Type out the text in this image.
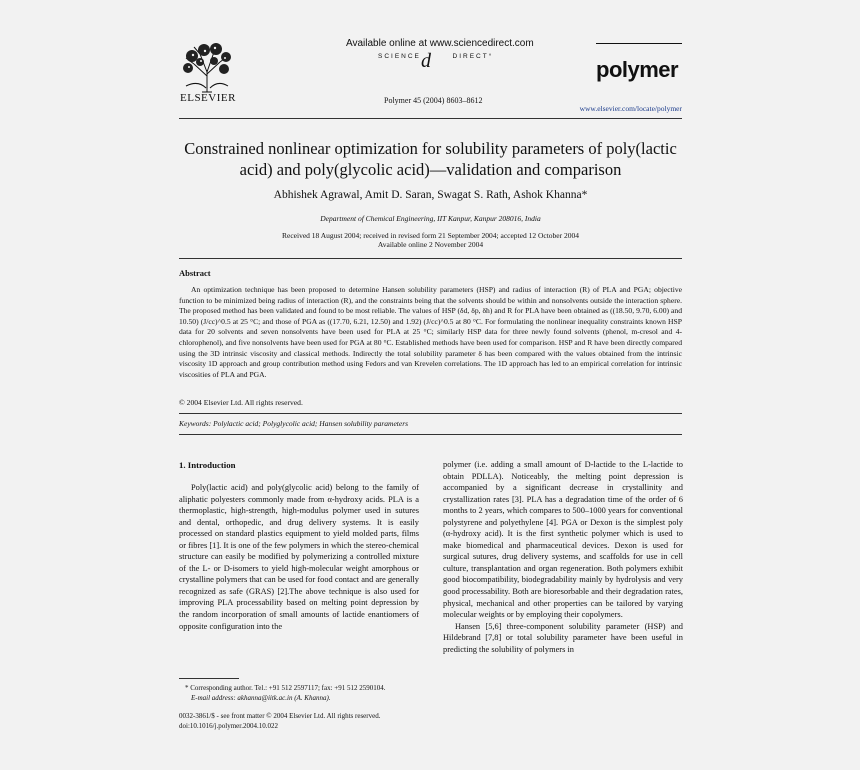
ELSEVIER
Available online at www.sciencedirect.com
SCIENCE	DIRECT°
d
Polymer 45 (2004) 8603–8612
polymer
www.elsevier.com/locate/polymer
Constrained nonlinear optimization for solubility parameters of poly(lactic acid) and poly(glycolic acid)—validation and comparison
Abhishek Agrawal, Amit D. Saran, Swagat S. Rath, Ashok Khanna*
Department of Chemical Engineering, IIT Kanpur, Kanpur 208016, India
Received 18 August 2004; received in revised form 21 September 2004; accepted 12 October 2004
Available online 2 November 2004
Abstract

An optimization technique has been proposed to determine Hansen solubility parameters (HSP) and radius of interaction (R) of PLA and PGA; objective function to be minimized being radius of interaction (R), and the constraints being that the solvents should be within and nonsolvents outside the interaction sphere. The proposed method has been validated and found to be most reliable. The values of HSP (δd, δp, δh) and R for PLA have been obtained as ((18.50, 9.70, 6.00) and 10.50) (J/cc)^0.5 at 25 °C; and those of PGA as ((17.70, 6.21, 12.50) and 1.92) (J/cc)^0.5 at 80 °C. For formulating the nonlinear inequality constraints known HSP data for 20 solvents and seven nonsolvents have been used for PLA at 25 °C; similarly HSP data for three newly found solvents (phenol, m-cresol and 4-chlorophenol), and five nonsolvents have been used for PGA at 80 °C. Established methods have been used for comparison. HSP and R have been directly compared using the 3D intrinsic viscosity and classical methods. Indirectly the total solubility parameter δ has been compared with the values obtained from the intrinsic viscosity 1D approach and group contribution method using Fedors and van Krevelen correlations. The 1D approach has led to an empirical correlation for intrinsic viscosities of PLA and PGA.

© 2004 Elsevier Ltd. All rights reserved.
Keywords: Polylactic acid; Polyglycolic acid; Hansen solubility parameters
1. Introduction

Poly(lactic acid) and poly(glycolic acid) belong to the family of aliphatic polyesters commonly made from α-hydroxy acids. PLA is a thermoplastic, high-strength, high-modulus polymer used in sutures and dental, orthopedic, and drug delivery systems. It is easily processed on standard plastics equipment to yield molded parts, films or fibres [1]. It is one of the few polymers in which the stereo-chemical structure can easily be modified by polymerizing a controlled mixture of the L- or D-isomers to yield high-molecular weight amorphous or crystalline polymers that can be used for food contact and are generally recognized as safe (GRAS) [2].The above technique is also used for improving PLA processability based on melting point depression by the random incorporation of small amounts of lactide enantiomers of opposite configuration into the

polymer (i.e. adding a small amount of D-lactide to the L-lactide to obtain PDLLA). Noticeably, the melting point depression is accompanied by a significant decrease in crystallinity and crystallization rates [3]. PLA has a degradation time of the order of 6 months to 2 years, which compares to 500–1000 years for conventional polystyrene and polyethylene [4]. PGA or Dexon is the simplest poly (α-hydroxy acid). It is the first synthetic polymer which is used to make biomedical and pharmaceutical devices. Dexon is used for surgical sutures, drug delivery systems, and scaffolds for use in cell culture, transplantation and organ regeneration. Both polymers exhibit good biocompatibility, biodegradability mainly by hydrolysis and very good processability. Both are bioresorbable and their degradation rates, physical, mechanical and other properties can be tailored by varying molecular weights or by employing their copolymers.

Hansen [5,6] three-component solubility parameter (HSP) and Hildebrand [7,8] or total solubility parameter have been useful in predicting the solubility of polymers in

* Corresponding author. Tel.: +91 512 2597117; fax: +91 512 2590104.
E-mail address: akhanna@iitk.ac.in (A. Khanna).
0032-3861/$ - see front matter © 2004 Elsevier Ltd. All rights reserved.
doi:10.1016/j.polymer.2004.10.022
